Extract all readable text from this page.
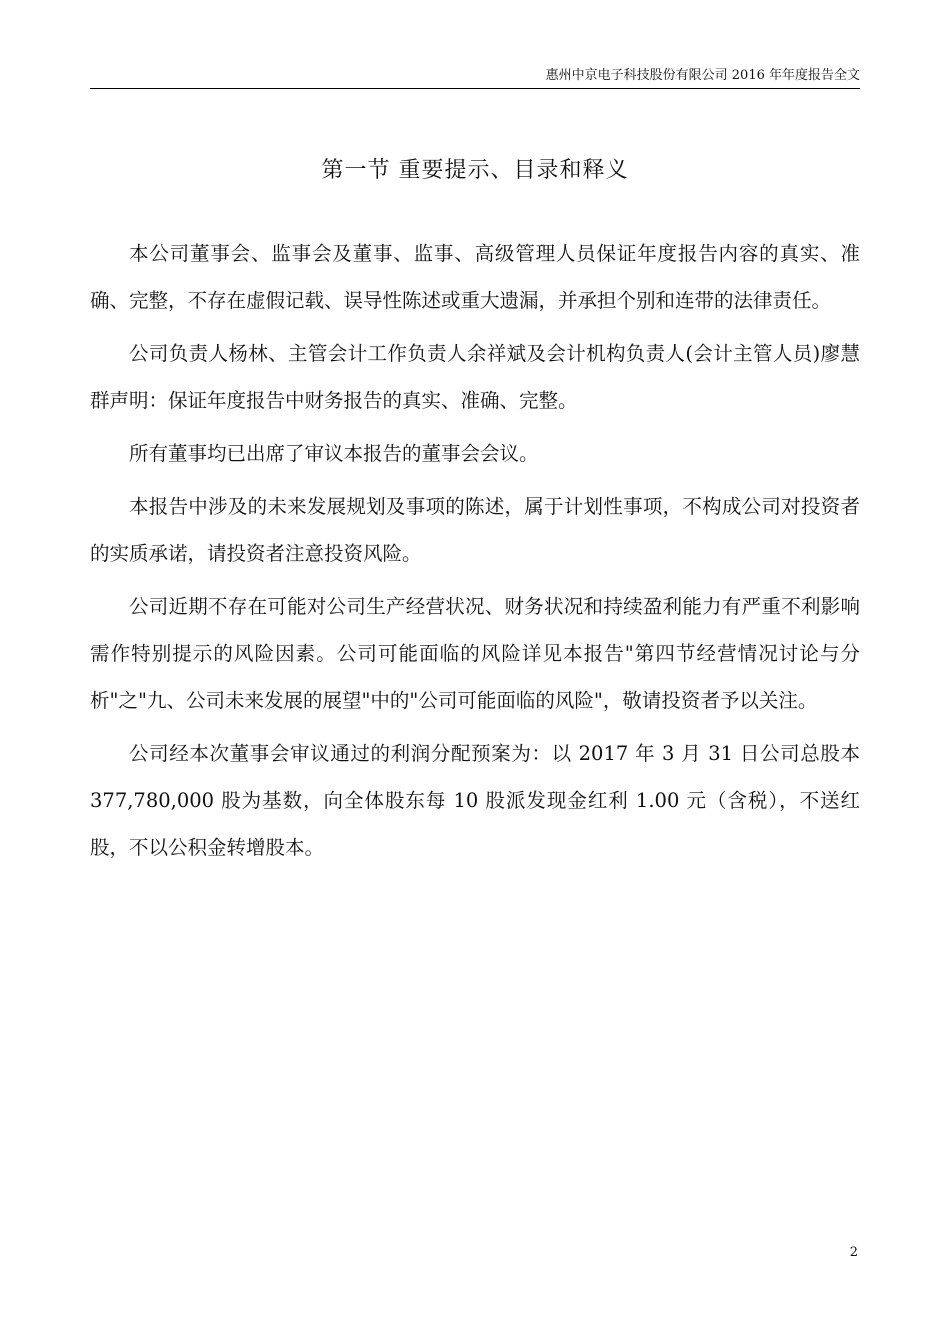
惠州中京电子科技股份有限公司 2016 年年度报告全文
第一节 重要提示、目录和释义

本公司董事会、监事会及董事、监事、高级管理人员保证年度报告内容的真实、准确、完整，不存在虚假记载、误导性陈述或重大遗漏，并承担个别和连带的法律责任。

公司负责人杨林、主管会计工作负责人余祥斌及会计机构负责人(会计主管人员)廖慧群声明：保证年度报告中财务报告的真实、准确、完整。

所有董事均已出席了审议本报告的董事会会议。

本报告中涉及的未来发展规划及事项的陈述，属于计划性事项，不构成公司对投资者的实质承诺，请投资者注意投资风险。

公司近期不存在可能对公司生产经营状况、财务状况和持续盈利能力有严重不利影响需作特别提示的风险因素。公司可能面临的风险详见本报告"第四节经营情况讨论与分析"之"九、公司未来发展的展望"中的"公司可能面临的风险"，敬请投资者予以关注。

公司经本次董事会审议通过的利润分配预案为：以 2017 年 3 月 31 日公司总股本 377,780,000 股为基数，向全体股东每 10 股派发现金红利 1.00 元（含税），不送红股，不以公积金转增股本。

2
